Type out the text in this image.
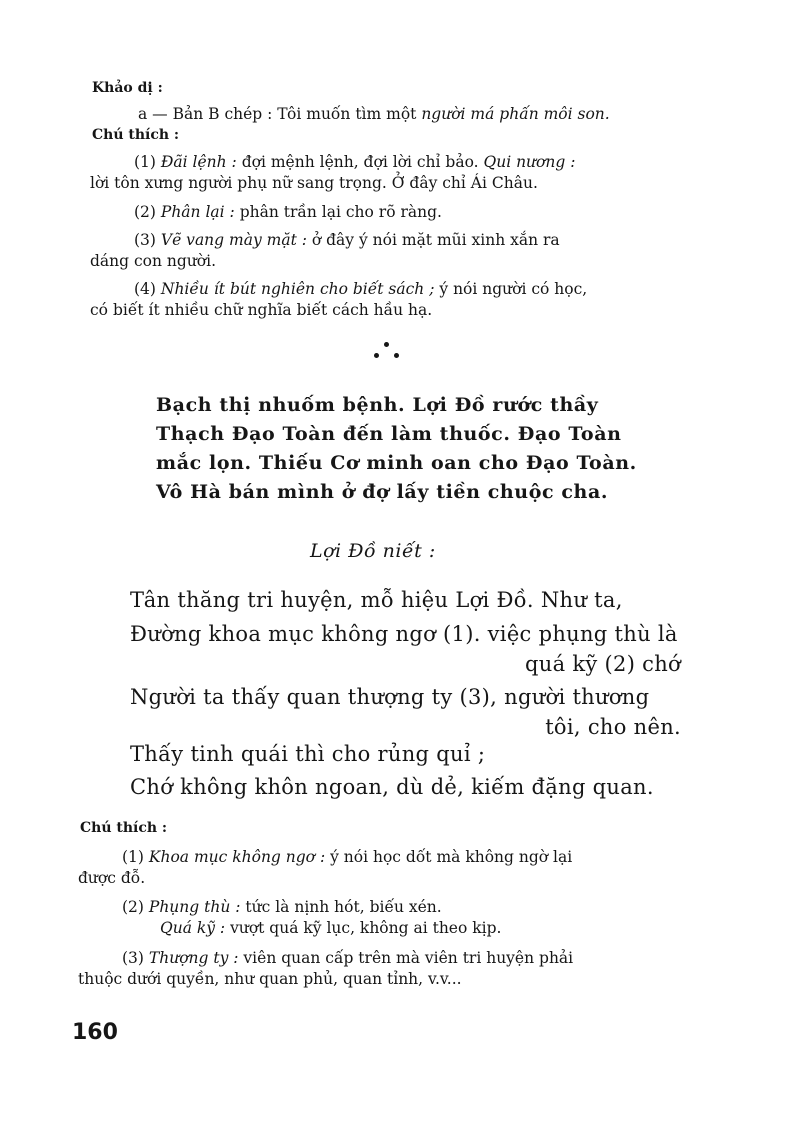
Khảo dị :
a — Bản B chép : Tôi muốn tìm một người má phấn môi son.
Chú thích :
(1) Đãi lệnh : đợi mệnh lệnh, đợi lời chỉ bảo. Qui nương :
lời tôn xưng người phụ nữ sang trọng. Ở đây chỉ Ái Châu.
(2) Phân lại : phân trần lại cho rõ ràng.
(3) Vẽ vang mày mặt : ở đây ý nói mặt mũi xinh xắn ra
dáng con người.
(4) Nhiều ít bút nghiên cho biết sách ; ý nói người có học,
có biết ít nhiều chữ nghĩa biết cách hầu hạ.
Bạch thị nhuốm bệnh. Lợi Đồ rước thầy
Thạch Đạo Toàn đến làm thuốc. Đạo Toàn
mắc lọn. Thiếu Cơ minh oan cho Đạo Toàn.
Vô Hà bán mình ở đợ lấy tiền chuộc cha.
Lợi Đồ niết :
Tân thăng tri huyện, mỗ hiệu Lợi Đồ. Như ta,
Đường khoa mục không ngơ (1). việc phụng thù là
quá kỹ (2) chớ
Người ta thấy quan thượng ty (3), người thương
tôi, cho nên.
Thấy tinh quái thì cho rủng quỉ ;
Chớ không khôn ngoan, dù dẻ, kiếm đặng quan.
Chú thích :
(1) Khoa mục không ngơ : ý nói học dốt mà không ngờ lại
được đỗ.
(2) Phụng thù : tức là nịnh hót, biếu xén.
Quá kỹ : vượt quá kỹ lục, không ai theo kịp.
(3) Thượng ty : viên quan cấp trên mà viên tri huyện phải
thuộc dưới quyền, như quan phủ, quan tỉnh, v.v...
160
